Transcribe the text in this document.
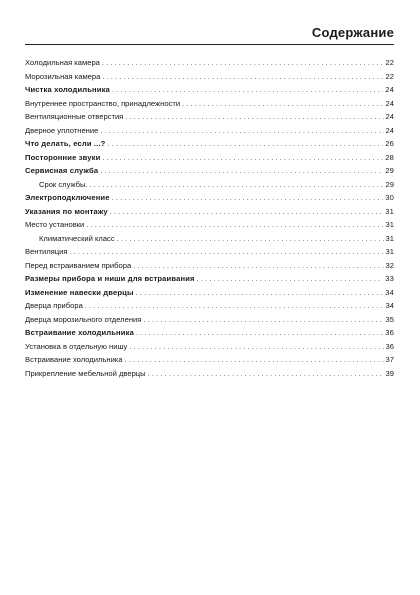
Содержание
Холодильная камера . . .	22
Морозильная камера . . .	22
Чистка холодильника . . .	24
Внутреннее пространство, принадлежности . . .	24
Вентиляционные отверстия . . .	24
Дверное уплотнение . . .	24
Что делать, если ...? . . .	26
Посторонние звуки . . .	28
Сервисная служба . . .	29
Срок службы. . . .	29
Электроподключение . . .	30
Указания по монтажу . . .	31
Место установки . . .	31
Климатический класс . . .	31
Вентиляция . . .	31
Перед встраиванием прибора . . .	32
Размеры прибора и ниши для встраивания . . .	33
Изменение навески дверцы . . .	34
Дверца прибора . . .	34
Дверца морозильного отделения . . .	35
Встраивание холодильника . . .	36
Установка в отдельную нишу . . .	36
Встраивание холодильника . . .	37
Прикрепление мебельной дверцы . . .	39
